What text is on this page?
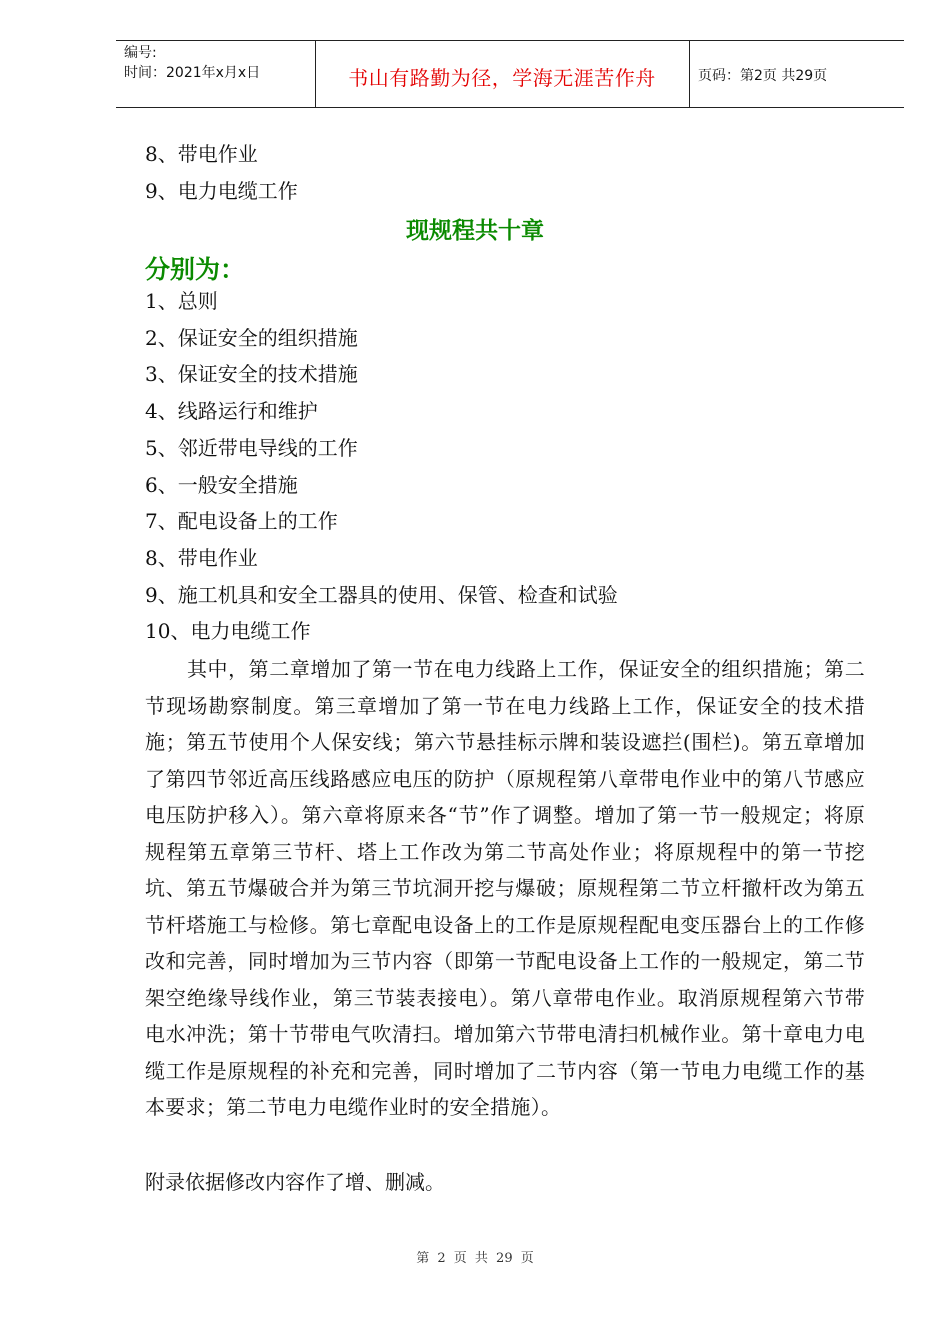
编号:
时间：2021年x月x日	书山有路勤为径，学海无涯苦作舟	页码：第2页 共29页
8、带电作业
9、电力电缆工作
现规程共十章
分别为：
1、总则
2、保证安全的组织措施
3、保证安全的技术措施
4、线路运行和维护
5、邻近带电导线的工作
6、一般安全措施
7、配电设备上的工作
8、带电作业
9、施工机具和安全工器具的使用、保管、检查和试验
10、电力电缆工作
其中，第二章增加了第一节在电力线路上工作，保证安全的组织措施；第二节现场勘察制度。第三章增加了第一节在电力线路上工作，保证安全的技术措施；第五节使用个人保安线；第六节悬挂标示牌和装设遮拦(围栏)。第五章增加了第四节邻近高压线路感应电压的防护（原规程第八章带电作业中的第八节感应电压防护移入）。第六章将原来各“节”作了调整。增加了第一节一般规定；将原规程第五章第三节杆、塔上工作改为第二节高处作业；将原规程中的第一节挖坑、第五节爆破合并为第三节坑洞开挖与爆破；原规程第二节立杆撤杆改为第五节杆塔施工与检修。第七章配电设备上的工作是原规程配电变压器台上的工作修改和完善，同时增加为三节内容（即第一节配电设备上工作的一般规定，第二节架空绝缘导线作业，第三节装表接电）。第八章带电作业。取消原规程第六节带电水冲洗；第十节带电气吹清扫。增加第六节带电清扫机械作业。第十章电力电缆工作是原规程的补充和完善，同时增加了二节内容（第一节电力电缆工作的基本要求；第二节电力电缆作业时的安全措施）。
附录依据修改内容作了增、删减。
第 2 页 共 29 页
